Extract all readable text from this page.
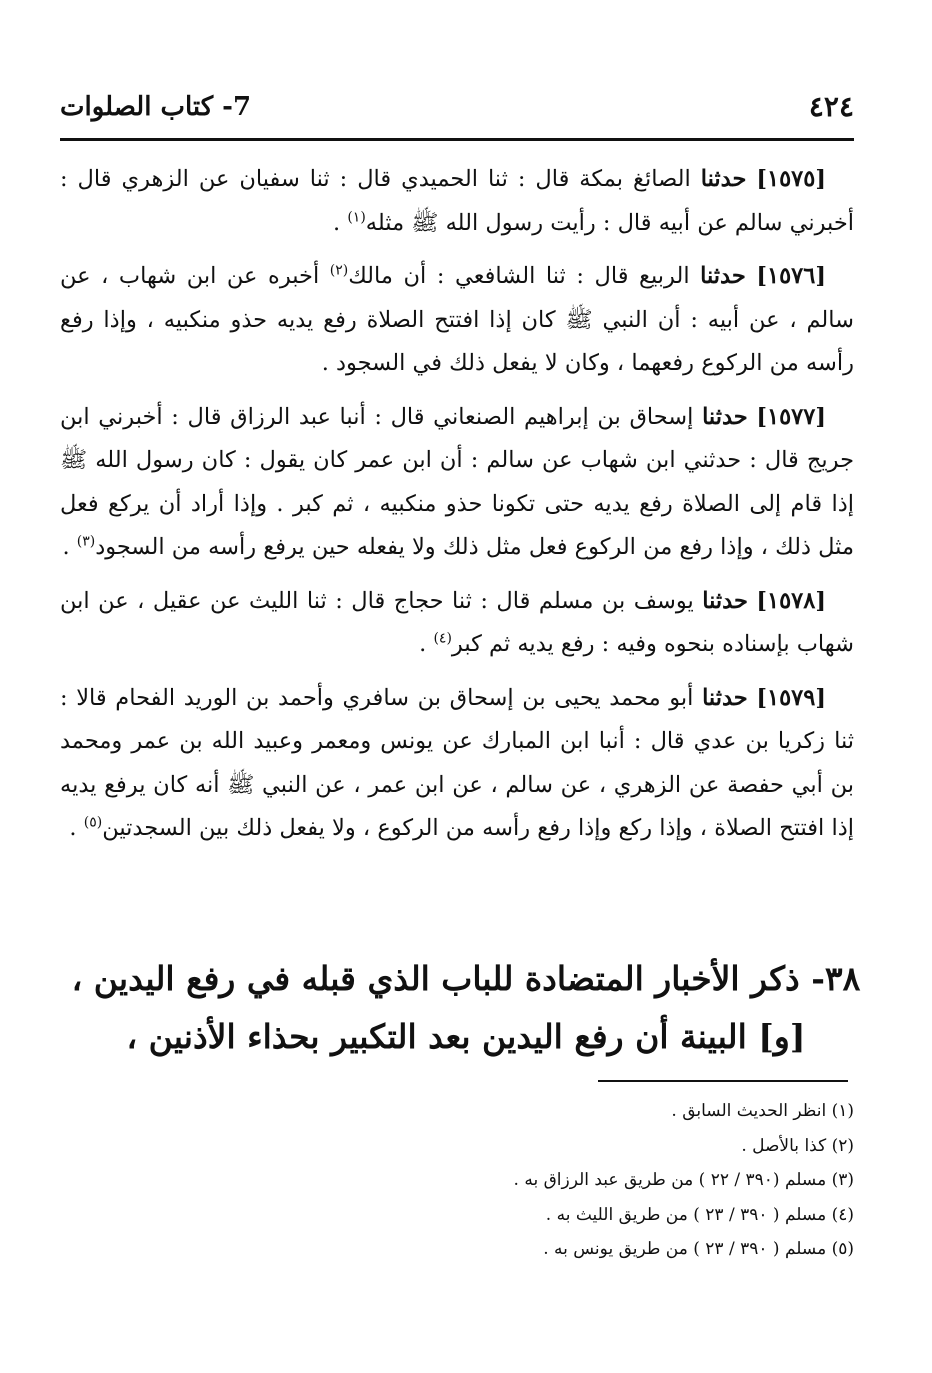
٤٢٤
7- كتاب الصلوات

[١٥٧٥] حدثنا الصائغ بمكة قال : ثنا الحميدي قال : ثنا سفيان عن الزهري قال : أخبرني سالم عن أبيه قال : رأيت رسول الله ﷺ مثله$^{(١)}$ .

[١٥٧٦] حدثنا الربيع قال : ثنا الشافعي : أن مالك$^{(٢)}$ أخبره عن ابن شهاب ، عن سالم ، عن أبيه : أن النبي ﷺ كان إذا افتتح الصلاة رفع يديه حذو منكبيه ، وإذا رفع رأسه من الركوع رفعهما ، وكان لا يفعل ذلك في السجود .

[١٥٧٧] حدثنا إسحاق بن إبراهيم الصنعاني قال : أنبا عبد الرزاق قال : أخبرني ابن جريج قال : حدثني ابن شهاب عن سالم : أن ابن عمر كان يقول : كان رسول الله ﷺ إذا قام إلى الصلاة رفع يديه حتى تكونا حذو منكبيه ، ثم كبر . وإذا أراد أن يركع فعل مثل ذلك ، وإذا رفع من الركوع فعل مثل ذلك ولا يفعله حين يرفع رأسه من السجود$^{(٣)}$ .

[١٥٧٨] حدثنا يوسف بن مسلم قال : ثنا حجاج قال : ثنا الليث عن عقيل ، عن ابن شهاب بإسناده بنحوه وفيه : رفع يديه ثم كبر$^{(٤)}$ .

[١٥٧٩] حدثنا أبو محمد يحيى بن إسحاق بن سافري وأحمد بن الوريد الفحام قالا : ثنا زكريا بن عدي قال : أنبا ابن المبارك عن يونس ومعمر وعبيد الله بن عمر ومحمد بن أبي حفصة عن الزهري ، عن سالم ، عن ابن عمر ، عن النبي ﷺ أنه كان يرفع يديه إذا افتتح الصلاة ، وإذا ركع وإذا رفع رأسه من الركوع ، ولا يفعل ذلك بين السجدتين$^{(٥)}$ .

٣٨- ذكر الأخبار المتضادة للباب الذي قبله في رفع اليدين ،
[و] البينة أن رفع اليدين بعد التكبير بحذاء الأذنين ،

(١) انظر الحديث السابق .

(٢) كذا بالأصل .

(٣) مسلم (٣٩٠ / ٢٢ ) من طريق عبد الرزاق به .

(٤) مسلم ( ٣٩٠ / ٢٣ ) من طريق الليث به .

(٥) مسلم ( ٣٩٠ / ٢٣ ) من طريق يونس به .
